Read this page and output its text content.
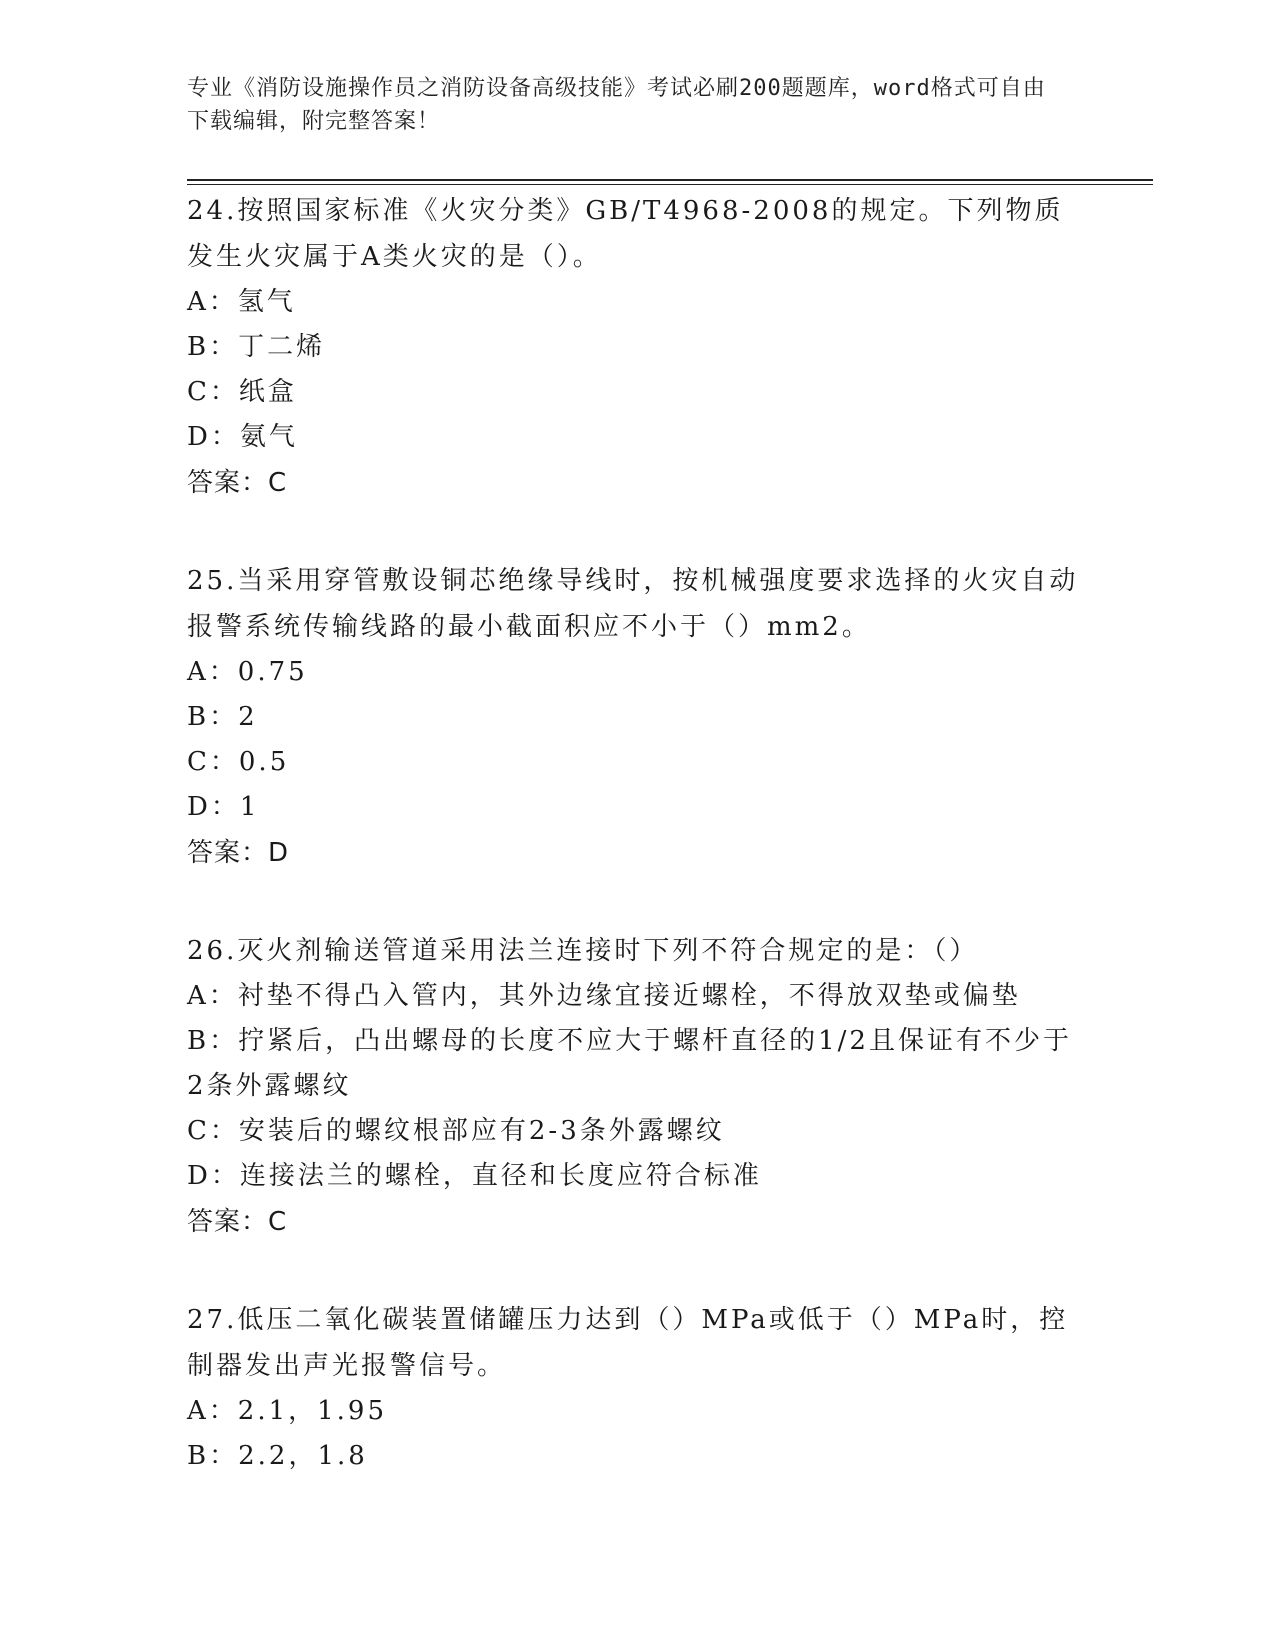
专业《消防设施操作员之消防设备高级技能》考试必刷200题题库，word格式可自由下载编辑，附完整答案！
24.按照国家标准《火灾分类》GB/T4968-2008的规定。下列物质发生火灾属于A类火灾的是（）。
A：氢气
B：丁二烯
C：纸盒
D：氨气
答案：C
25.当采用穿管敷设铜芯绝缘导线时，按机械强度要求选择的火灾自动报警系统传输线路的最小截面积应不小于（）mm2。
A：0.75
B：2
C：0.5
D：1
答案：D
26.灭火剂输送管道采用法兰连接时下列不符合规定的是：（）
A：衬垫不得凸入管内，其外边缘宜接近螺栓，不得放双垫或偏垫
B：拧紧后，凸出螺母的长度不应大于螺杆直径的1/2且保证有不少于2条外露螺纹
C：安装后的螺纹根部应有2-3条外露螺纹
D：连接法兰的螺栓，直径和长度应符合标准
答案：C
27.低压二氧化碳装置储罐压力达到（）MPa或低于（）MPa时，控制器发出声光报警信号。
A：2.1，1.95
B：2.2，1.8
